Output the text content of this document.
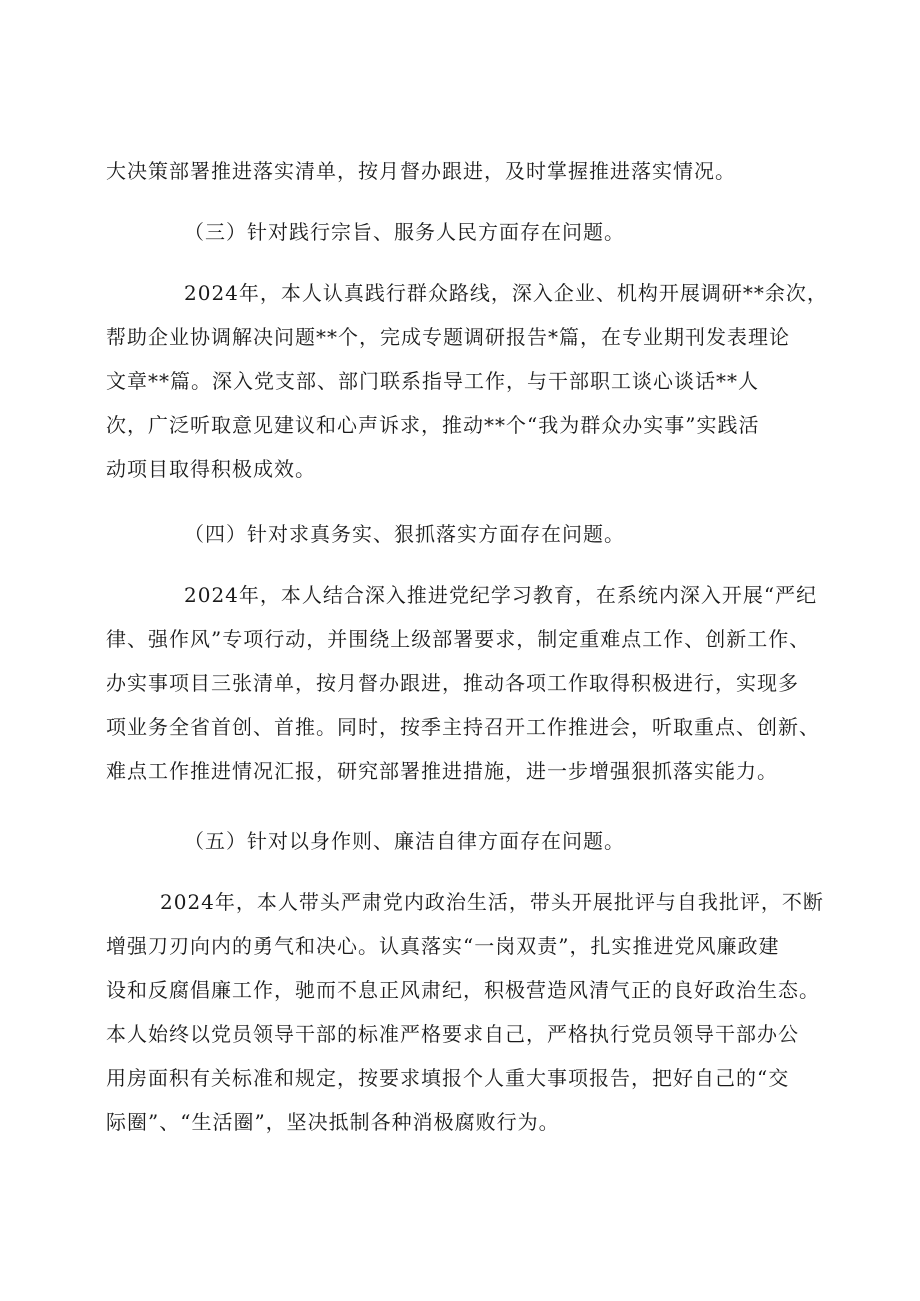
大决策部署推进落实清单，按月督办跟进，及时掌握推进落实情况。
（三）针对践行宗旨、服务人民方面存在问题。
2024年，本人认真践行群众路线，深入企业、机构开展调研**余次，
帮助企业协调解决问题**个，完成专题调研报告*篇，在专业期刊发表理论
文章**篇。深入党支部、部门联系指导工作，与干部职工谈心谈话**人
次，广泛听取意见建议和心声诉求，推动**个“我为群众办实事”实践活
动项目取得积极成效。
（四）针对求真务实、狠抓落实方面存在问题。
2024年，本人结合深入推进党纪学习教育，在系统内深入开展“严纪
律、强作风”专项行动，并围绕上级部署要求，制定重难点工作、创新工作、
办实事项目三张清单，按月督办跟进，推动各项工作取得积极进行，实现多
项业务全省首创、首推。同时，按季主持召开工作推进会，听取重点、创新、
难点工作推进情况汇报，研究部署推进措施，进一步增强狠抓落实能力。
（五）针对以身作则、廉洁自律方面存在问题。
2024年，本人带头严肃党内政治生活，带头开展批评与自我批评，不断
增强刀刃向内的勇气和决心。认真落实“一岗双责”，扎实推进党风廉政建
设和反腐倡廉工作，驰而不息正风肃纪，积极营造风清气正的良好政治生态。
本人始终以党员领导干部的标准严格要求自己，严格执行党员领导干部办公
用房面积有关标准和规定，按要求填报个人重大事项报告，把好自己的“交
际圈”、“生活圈”，坚决抵制各种消极腐败行为。
